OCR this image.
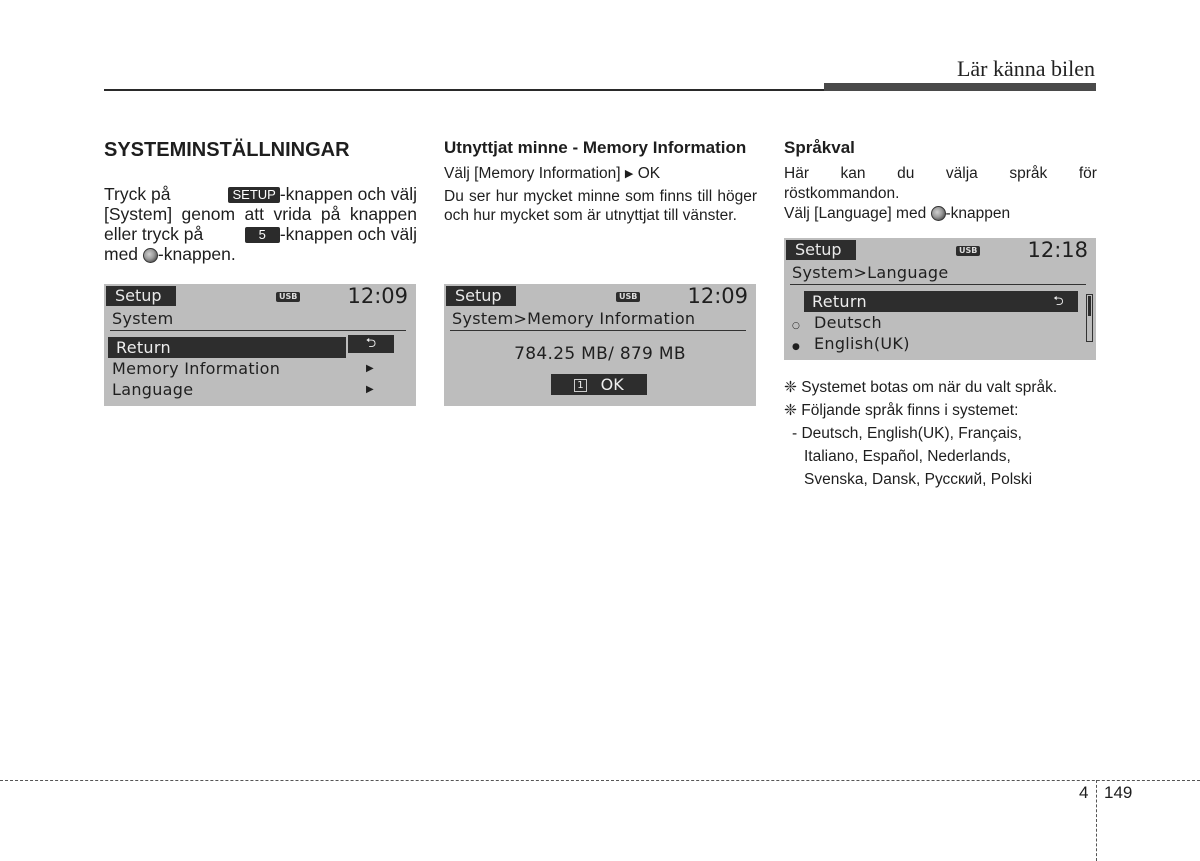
Lär känna bilen
SYSTEMINSTÄLLNINGAR
Tryck på	SETUP -knappen och välj
[System] genom att vrida på knappen
eller tryck på	5 -knappen och välj
med -knappen.
Setup	USB 12:09
System
Return	⮌
Memory Information	▶
Language	▶
Utnyttjat minne - Memory Information

Välj [Memory Information] ▶ OK

Du ser hur mycket minne som finns till höger och hur mycket som är utnyttjat till vänster.

Setup	USB 12:09
System>Memory Information
784.25 MB/ 879 MB
1 OK
Språkval
Här kan du välja språk för
röstkommandon.
Välj [Language] med -knappen
Setup	USB 12:18
System>Language
Return	⮌
○ Deutsch
● English(UK)
❈ Systemet botas om när du valt språk.
❈ Följande språk finns i systemet:
- Deutsch, English(UK), Français,
Italiano, Español, Nederlands,
Svenska, Dansk, Русский, Polski
4 149
